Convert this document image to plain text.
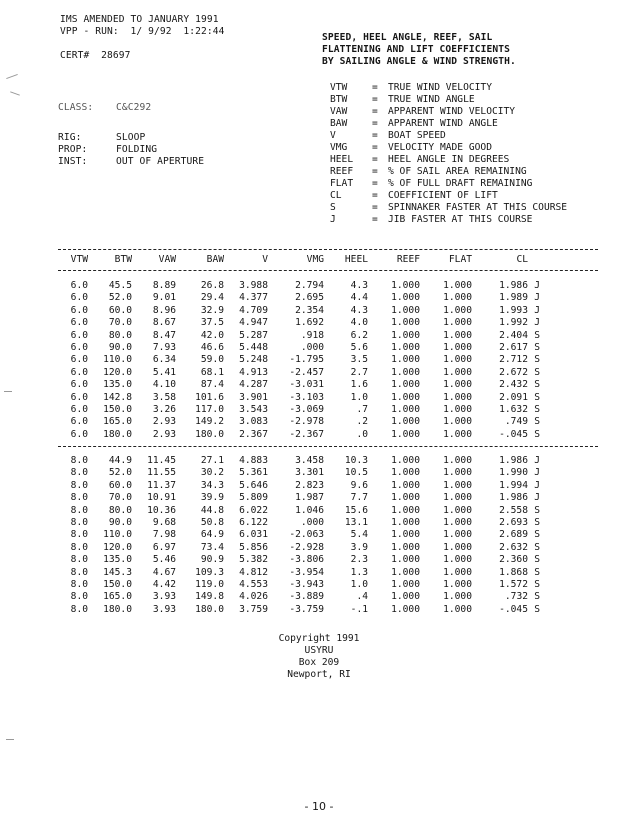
IMS AMENDED TO JANUARY 1991
VPP - RUN: 1/ 9/92  1:22:44
CERT# 28697
SPEED, HEEL ANGLE, REEF, SAIL
FLATTENING AND LIFT COEFFICIENTS
BY SAILING ANGLE & WIND STRENGTH.
CLASS: C&C292
RIG:	SLOOP
PROP:	FOLDING
INST:	OUT OF APERTURE
VTW	=	TRUE WIND VELOCITY
BTW	=	TRUE WIND ANGLE
VAW	=	APPARENT WIND VELOCITY
BAW	=	APPARENT WIND ANGLE
V	=	BOAT SPEED
VMG	=	VELOCITY MADE GOOD
HEEL	=	HEEL ANGLE IN DEGREES
REEF	=	% OF SAIL AREA REMAINING
FLAT	=	% OF FULL DRAFT REMAINING
CL	=	COEFFICIENT OF LIFT
S	=	SPINNAKER FASTER AT THIS COURSE
J	=	JIB FASTER AT THIS COURSE
VTW	BTW	VAW	BAW	V	VMG	HEEL	REEF	FLAT	CL	
6.0	45.5	8.89	26.8	3.988	2.794	4.3	1.000	1.000	1.986	J
6.0	52.0	9.01	29.4	4.377	2.695	4.4	1.000	1.000	1.989	J
6.0	60.0	8.96	32.9	4.709	2.354	4.3	1.000	1.000	1.993	J
6.0	70.0	8.67	37.5	4.947	1.692	4.0	1.000	1.000	1.992	J
6.0	80.0	8.47	42.0	5.287	.918	6.2	1.000	1.000	2.404	S
6.0	90.0	7.93	46.6	5.448	.000	5.6	1.000	1.000	2.617	S
6.0	110.0	6.34	59.0	5.248	-1.795	3.5	1.000	1.000	2.712	S
6.0	120.0	5.41	68.1	4.913	-2.457	2.7	1.000	1.000	2.672	S
6.0	135.0	4.10	87.4	4.287	-3.031	1.6	1.000	1.000	2.432	S
6.0	142.8	3.58	101.6	3.901	-3.103	1.0	1.000	1.000	2.091	S
6.0	150.0	3.26	117.0	3.543	-3.069	.7	1.000	1.000	1.632	S
6.0	165.0	2.93	149.2	3.083	-2.978	.2	1.000	1.000	.749	S
6.0	180.0	2.93	180.0	2.367	-2.367	.0	1.000	1.000	-.045	S
8.0	44.9	11.45	27.1	4.883	3.458	10.3	1.000	1.000	1.986	J
8.0	52.0	11.55	30.2	5.361	3.301	10.5	1.000	1.000	1.990	J
8.0	60.0	11.37	34.3	5.646	2.823	9.6	1.000	1.000	1.994	J
8.0	70.0	10.91	39.9	5.809	1.987	7.7	1.000	1.000	1.986	J
8.0	80.0	10.36	44.8	6.022	1.046	15.6	1.000	1.000	2.558	S
8.0	90.0	9.68	50.8	6.122	.000	13.1	1.000	1.000	2.693	S
8.0	110.0	7.98	64.9	6.031	-2.063	5.4	1.000	1.000	2.689	S
8.0	120.0	6.97	73.4	5.856	-2.928	3.9	1.000	1.000	2.632	S
8.0	135.0	5.46	90.9	5.382	-3.806	2.3	1.000	1.000	2.360	S
8.0	145.3	4.67	109.3	4.812	-3.954	1.3	1.000	1.000	1.868	S
8.0	150.0	4.42	119.0	4.553	-3.943	1.0	1.000	1.000	1.572	S
8.0	165.0	3.93	149.8	4.026	-3.889	.4	1.000	1.000	.732	S
8.0	180.0	3.93	180.0	3.759	-3.759	-.1	1.000	1.000	-.045	S
Copyright 1991
USYRU
Box 209
Newport, RI
- 10 -
